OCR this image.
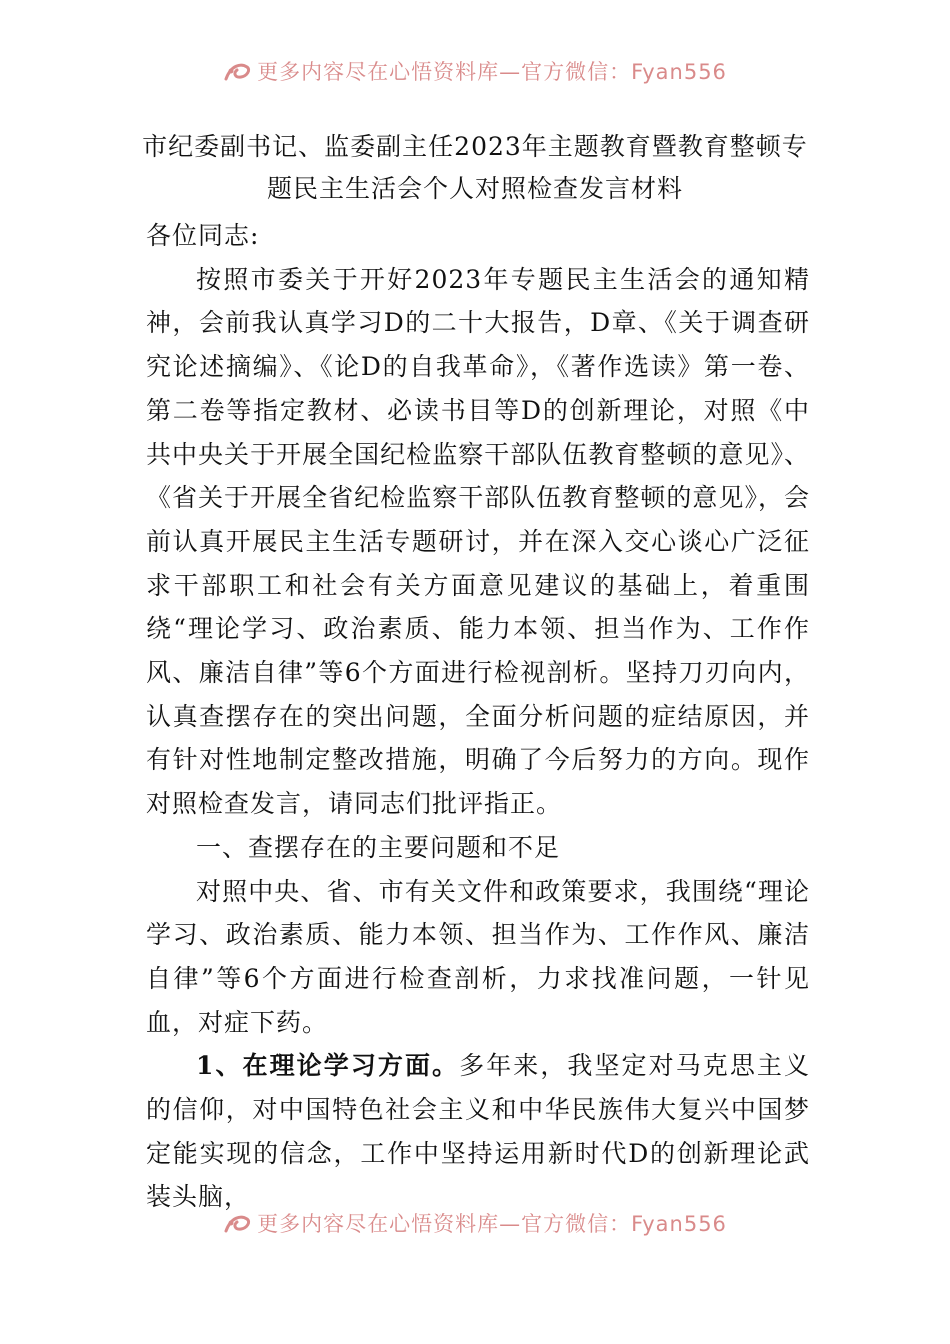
更多内容尽在心悟资料库—官方微信：Fyan556
市纪委副书记、监委副主任2023年主题教育暨教育整顿专题民主生活会个人对照检查发言材料

各位同志:

按照市委关于开好2023年专题民主生活会的通知精神，会前我认真学习D的二十大报告，D章、《关于调查研究论述摘编》、《论D的自我革命》，《著作选读》第一卷、第二卷等指定教材、必读书目等D的创新理论，对照《中共中央关于开展全国纪检监察干部队伍教育整顿的意见》、《省关于开展全省纪检监察干部队伍教育整顿的意见》，会前认真开展民主生活专题研讨，并在深入交心谈心广泛征求干部职工和社会有关方面意见建议的基础上，着重围绕“理论学习、政治素质、能力本领、担当作为、工作作风、廉洁自律”等6个方面进行检视剖析。坚持刀刃向内，认真查摆存在的突出问题，全面分析问题的症结原因，并有针对性地制定整改措施，明确了今后努力的方向。现作对照检查发言，请同志们批评指正。

一、查摆存在的主要问题和不足

对照中央、省、市有关文件和政策要求，我围绕“理论学习、政治素质、能力本领、担当作为、工作作风、廉洁自律”等6个方面进行检查剖析，力求找准问题，一针见血，对症下药。

1、在理论学习方面。多年来，我坚定对马克思主义的信仰，对中国特色社会主义和中华民族伟大复兴中国梦定能实现的信念，工作中坚持运用新时代D的创新理论武装头脑，

更多内容尽在心悟资料库—官方微信：Fyan556
